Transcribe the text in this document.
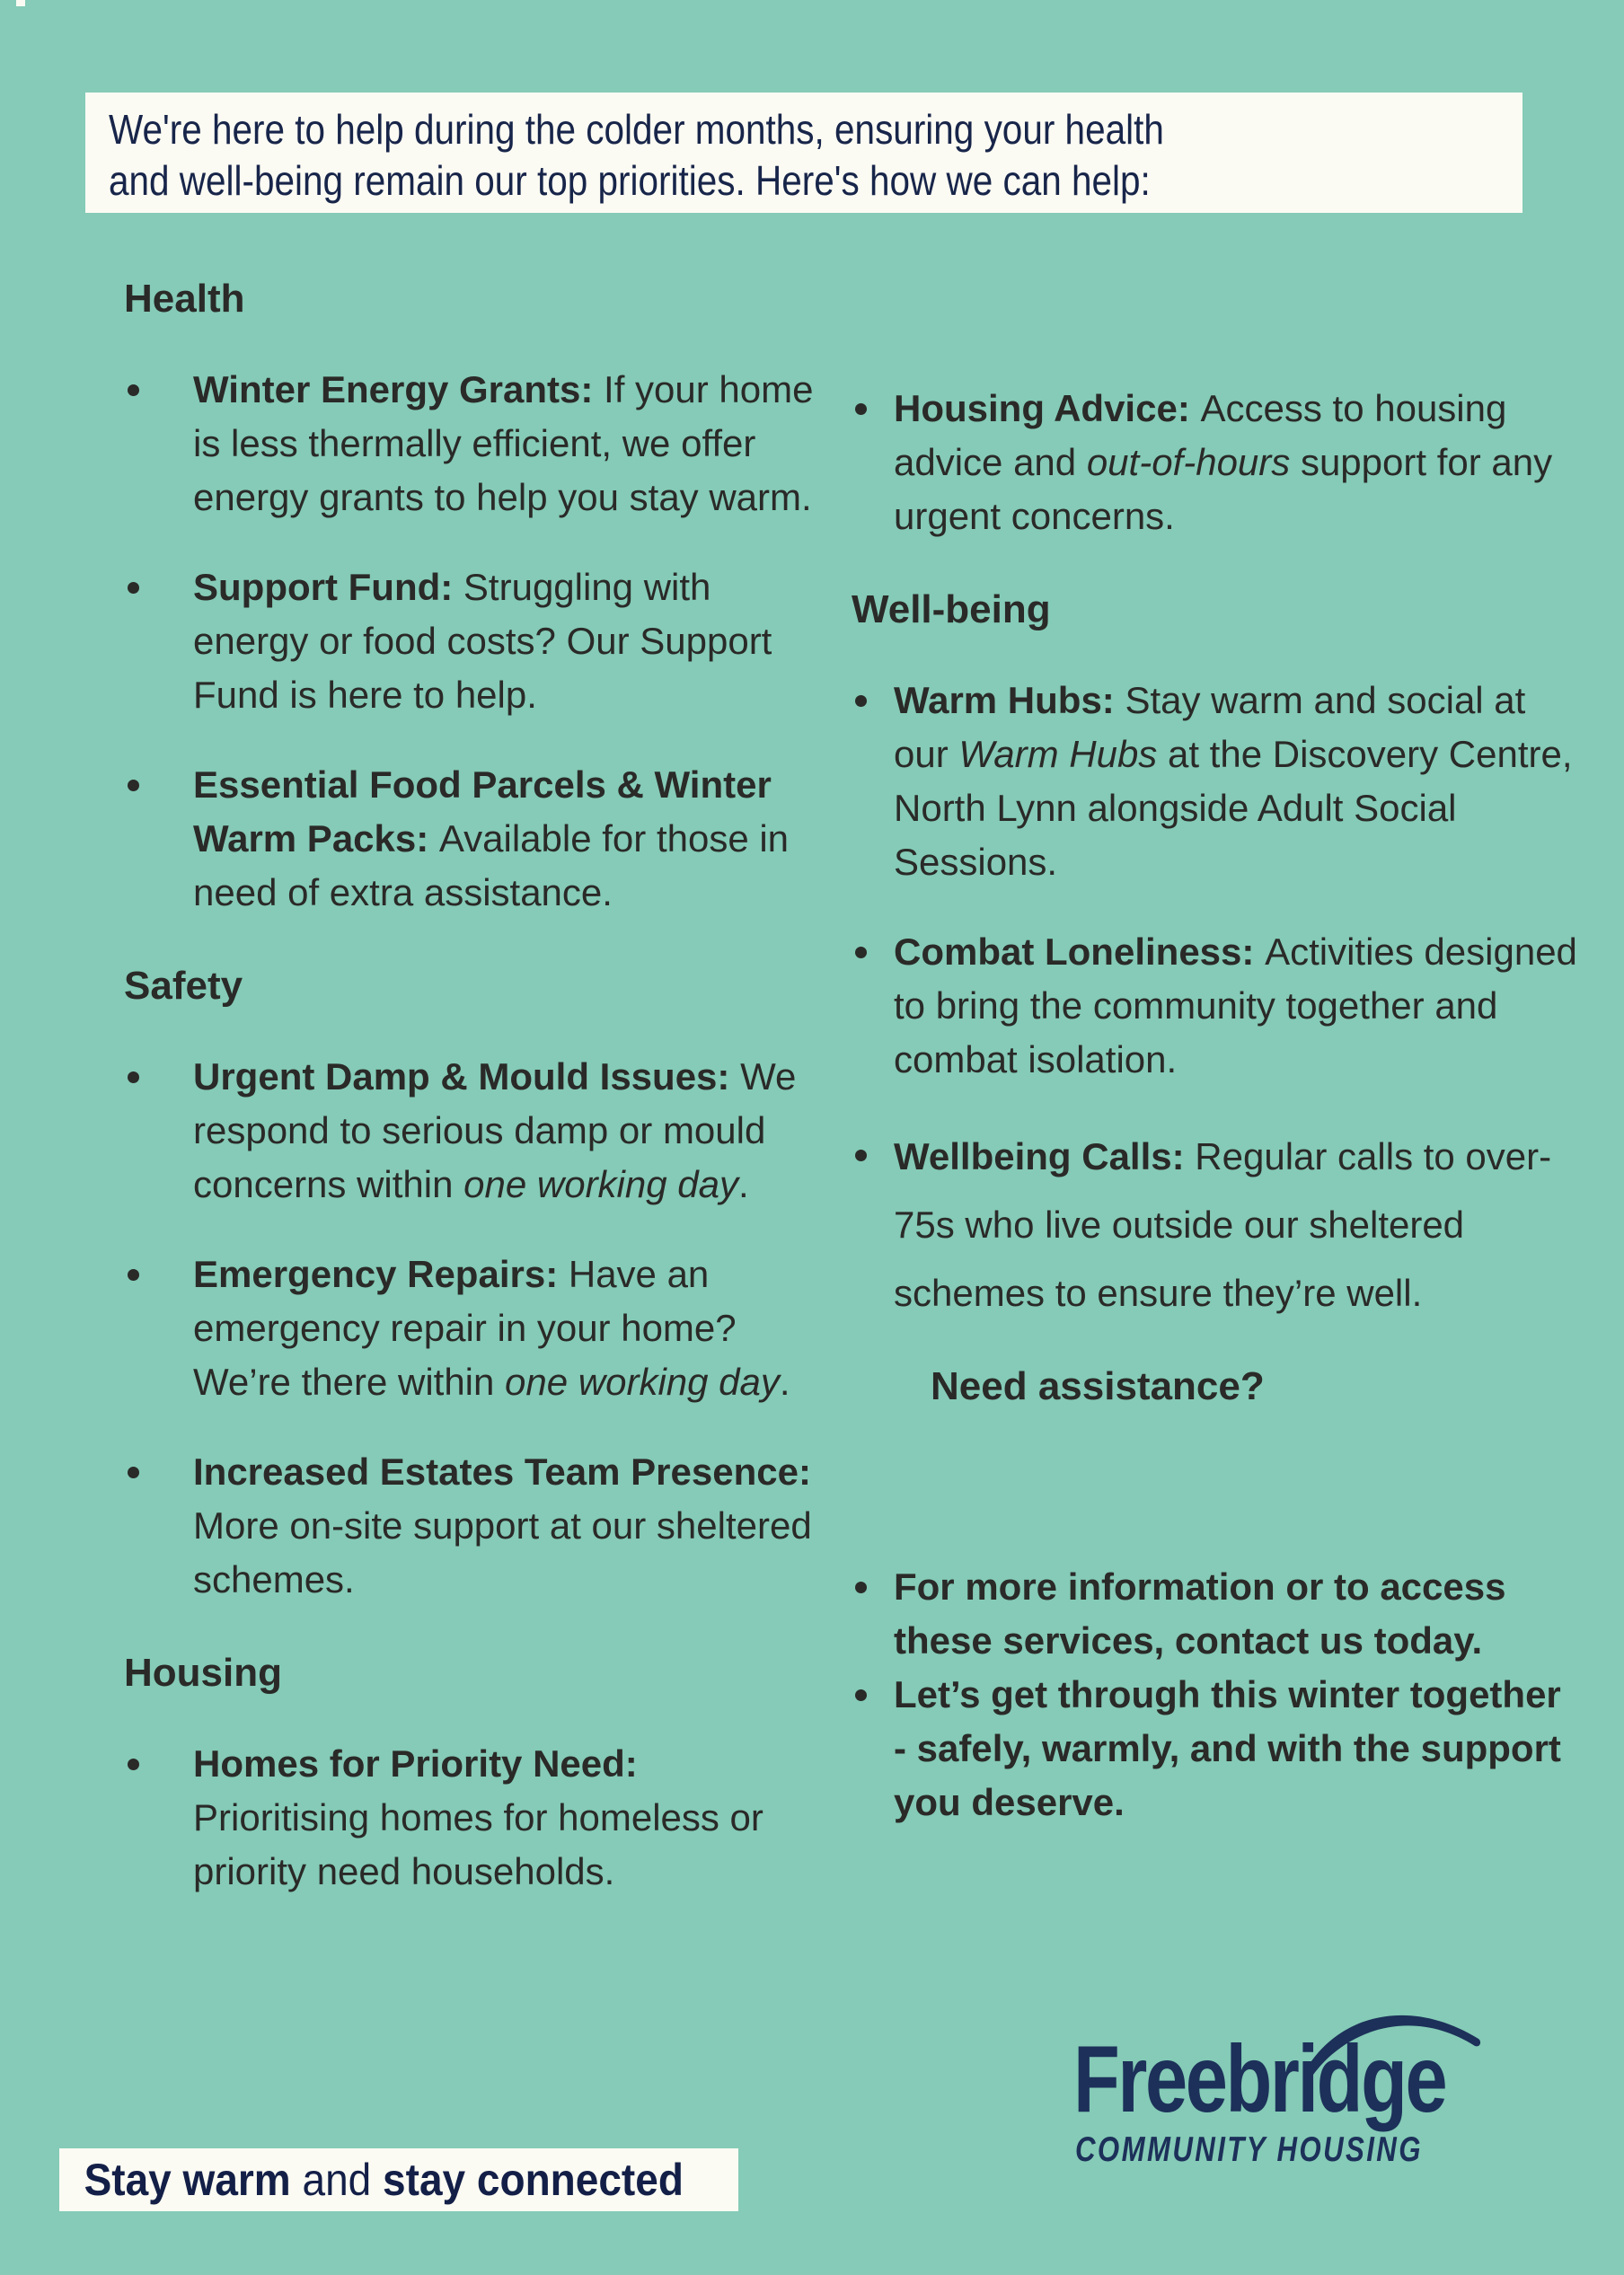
We're here to help during the colder months, ensuring your health
and well-being remain our top priorities. Here's how we can help:
Health
Winter Energy Grants: If your home is less thermally efficient, we offer energy grants to help you stay warm.
Support Fund: Struggling with energy or food costs? Our Support Fund is here to help.
Essential Food Parcels & Winter Warm Packs: Available for those in need of extra assistance.
Safety
Urgent Damp & Mould Issues: We respond to serious damp or mould concerns within one working day.
Emergency Repairs: Have an emergency repair in your home? We’re there within one working day.
Increased Estates Team Presence: More on-site support at our sheltered schemes.
Housing
Homes for Priority Need: Prioritising homes for homeless or priority need households.
Housing Advice: Access to housing advice and out-of-hours support for any urgent concerns.
Well-being
Warm Hubs: Stay warm and social at our Warm Hubs at the Discovery Centre, North Lynn alongside Adult Social Sessions.
Combat Loneliness: Activities designed to bring the community together and combat isolation.
Wellbeing Calls: Regular calls to over-75s who live outside our sheltered schemes to ensure they’re well.
Need assistance?
For more information or to access these services, contact us today.
Let’s get through this winter together - safely, warmly, and with the support you deserve.
Stay warm and stay connected
Freebridge
COMMUNITY HOUSING
